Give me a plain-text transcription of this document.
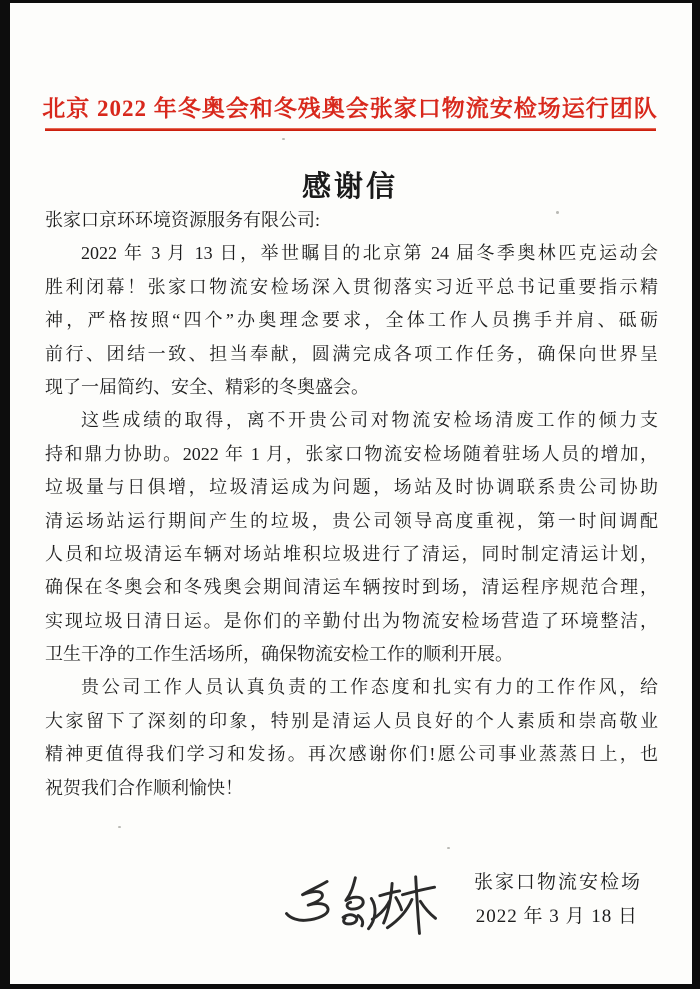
北京 2022 年冬奥会和冬残奥会张家口物流安检场运行团队
感谢信
张家口京环环境资源服务有限公司:
2022 年 3 月 13 日，举世瞩目的北京第 24 届冬季奥林匹克运动会
胜利闭幕！张家口物流安检场深入贯彻落实习近平总书记重要指示精
神，严格按照“四个”办奥理念要求，全体工作人员携手并肩、砥砺
前行、团结一致、担当奉献，圆满完成各项工作任务，确保向世界呈
现了一届简约、安全、精彩的冬奥盛会。
这些成绩的取得，离不开贵公司对物流安检场清废工作的倾力支
持和鼎力协助。2022 年 1 月，张家口物流安检场随着驻场人员的增加，
垃圾量与日俱增，垃圾清运成为问题，场站及时协调联系贵公司协助
清运场站运行期间产生的垃圾，贵公司领导高度重视，第一时间调配
人员和垃圾清运车辆对场站堆积垃圾进行了清运，同时制定清运计划，
确保在冬奥会和冬残奥会期间清运车辆按时到场，清运程序规范合理，
实现垃圾日清日运。是你们的辛勤付出为物流安检场营造了环境整洁，
卫生干净的工作生活场所，确保物流安检工作的顺利开展。
贵公司工作人员认真负责的工作态度和扎实有力的工作作风，给
大家留下了深刻的印象，特别是清运人员良好的个人素质和崇高敬业
精神更值得我们学习和发扬。再次感谢你们!愿公司事业蒸蒸日上，也
祝贺我们合作顺利愉快！
张家口物流安检场
2022 年 3 月 18 日
